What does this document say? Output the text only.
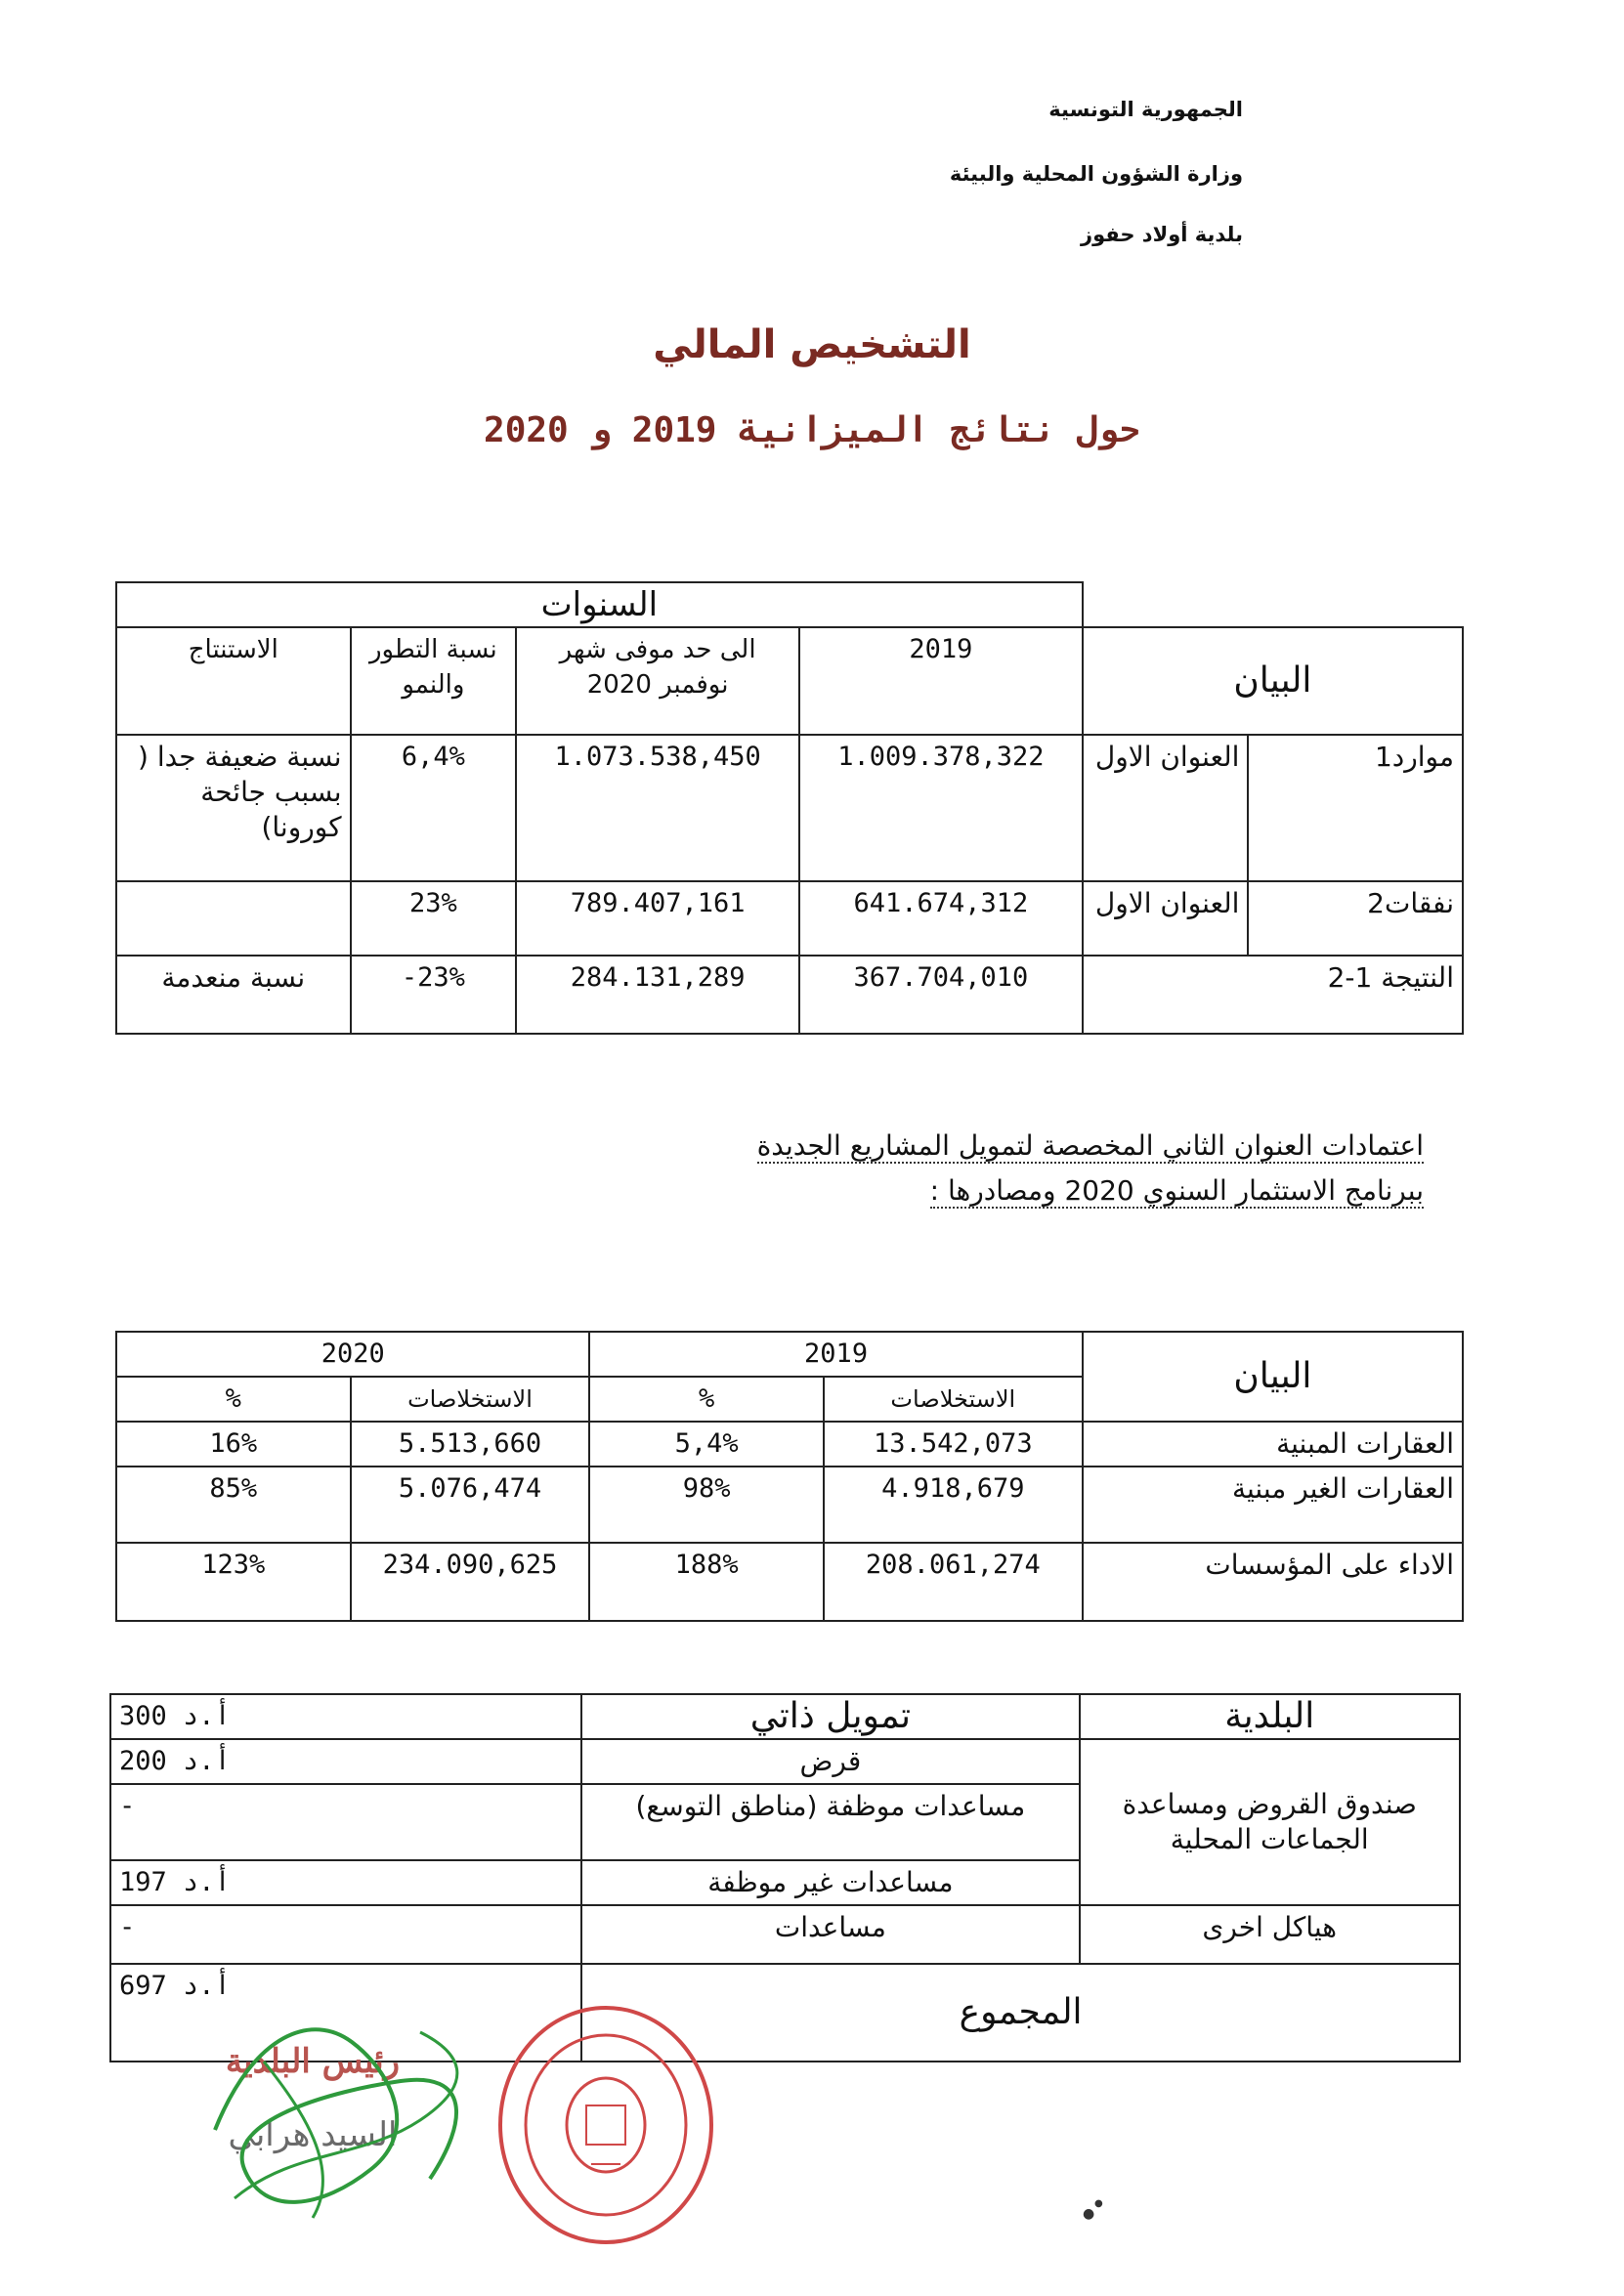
الجمهورية التونسية
وزارة الشؤون المحلية والبيئة
بلدية أولاد حفوز
التشخيص المالي
حول نتائج الميزانية 2019 و 2020
		السنوات			
البيان		2019	الى حد موفى شهر نوفمبر 2020	نسبة التطور والنمو	الاستنتاج
موارد1	العنوان الاول	1.009.378,322	1.073.538,450	6,4%	نسبة ضعيفة جدا ( بسبب جائحة كورونا)
نفقات2	العنوان الاول	641.674,312	789.407,161	23%	
النتيجة 1-2		367.704,010	284.131,289	-23%	نسبة منعدمة
اعتمادات العنوان الثاني المخصصة لتمويل المشاريع الجديدة
ببرنامج الاستثمار السنوي 2020 ومصادرها :
البيان	2019		2020	
	الاستخلاصات	%	الاستخلاصات	%
العقارات المبنية	13.542,073	5,4%	5.513,660	16%
العقارات الغير مبنية	4.918,679	98%	5.076,474	85%
الاداء على المؤسسات	208.061,274	188%	234.090,625	123%
البلدية	تمويل ذاتي	300 أ.د
صندوق القروض ومساعدة الجماعات المحلية	قرض	200 أ.د
	مساعدات موظفة (مناطق التوسع)	-
	مساعدات غير موظفة	197 أ.د
هياكل اخرى	مساعدات	-
المجموع		697 أ.د
رئيس البلدية
السيد هرابي
●
●
